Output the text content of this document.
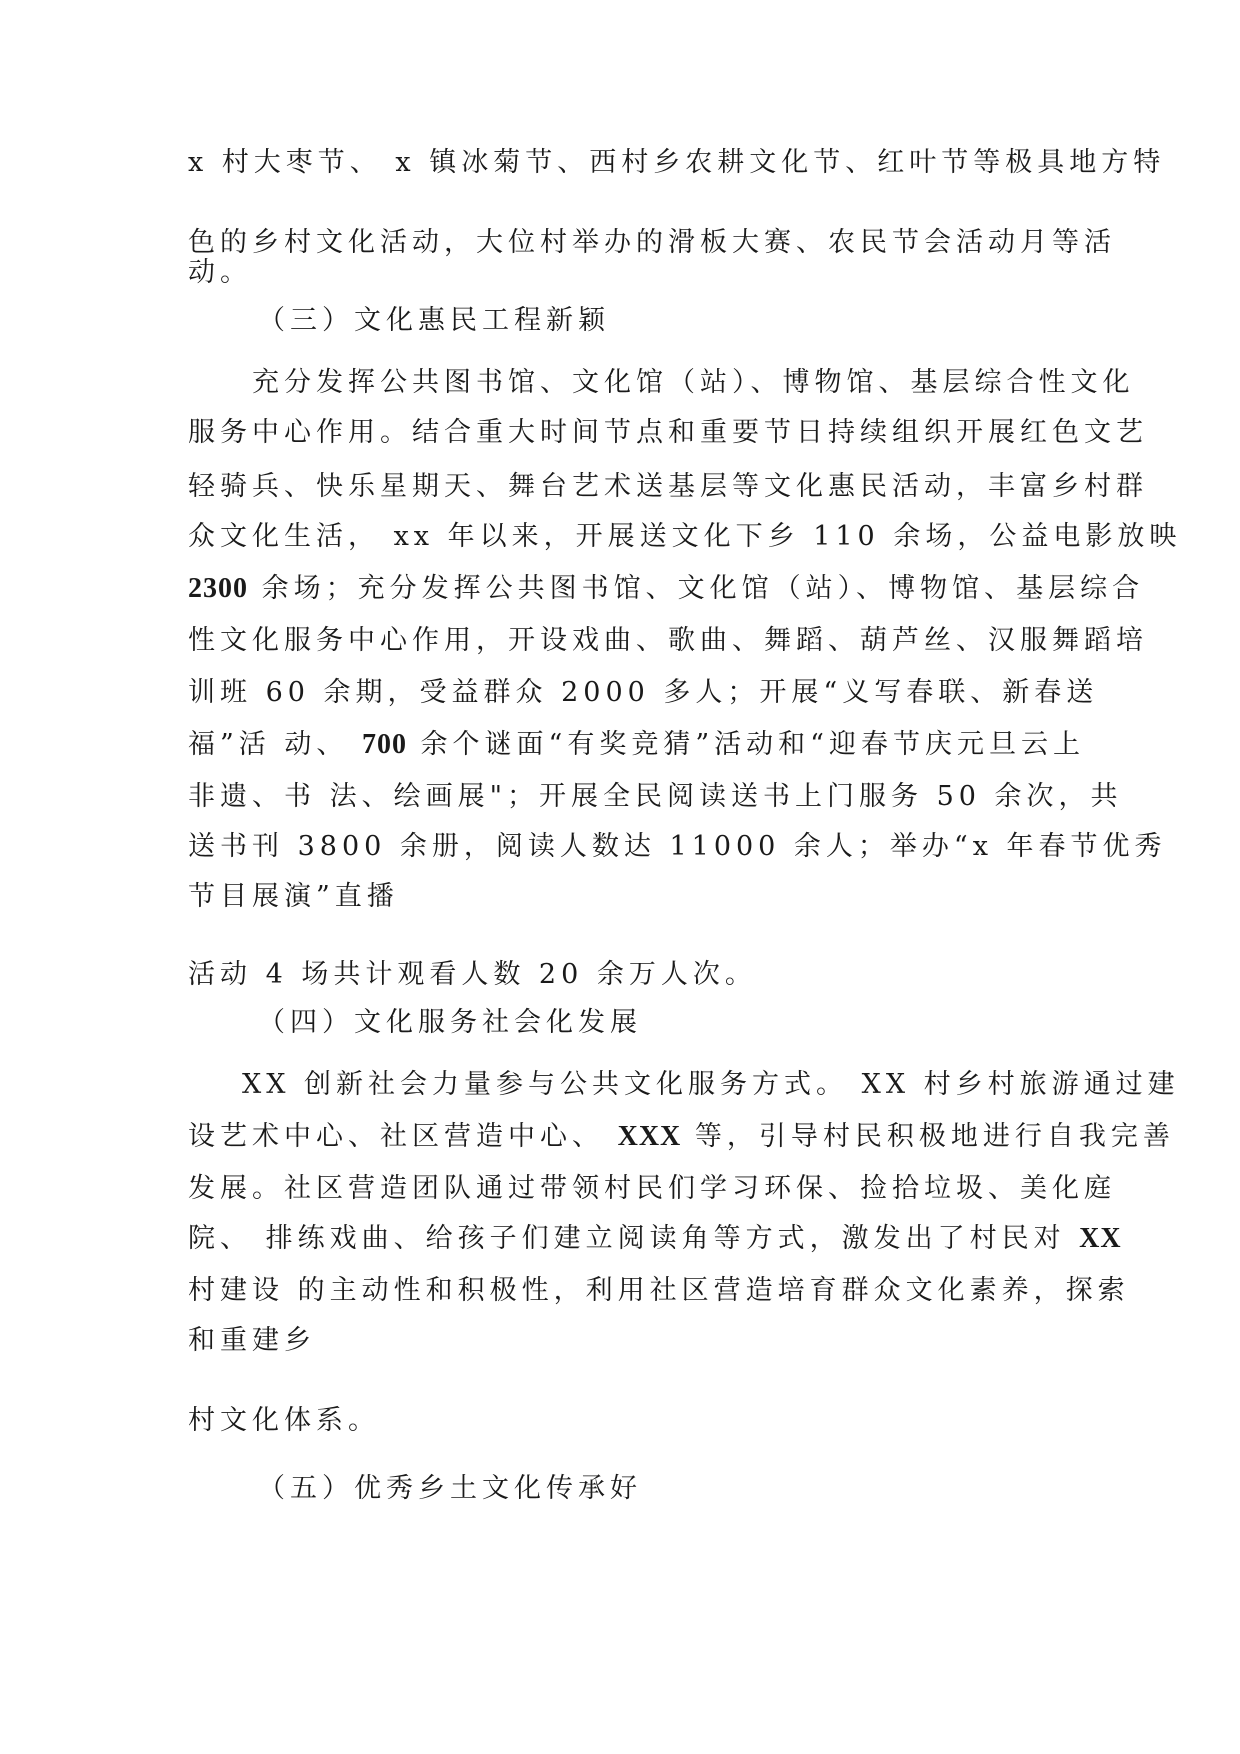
x 村大枣节、 x 镇冰菊节、西村乡农耕文化节、红叶节等极具地方特
色的乡村文化活动，大位村举办的滑板大赛、农民节会活动月等活
动。
（三）文化惠民工程新颖
充分发挥公共图书馆、文化馆（站）、博物馆、基层综合性文化
服务中心作用。结合重大时间节点和重要节日持续组织开展红色文艺
轻骑兵、快乐星期天、舞台艺术送基层等文化惠民活动，丰富乡村群
众文化生活， xx 年以来，开展送文化下乡 110 余场，公益电影放映
2300 余场；充分发挥公共图书馆、文化馆（站）、博物馆、基层综合
性文化服务中心作用，开设戏曲、歌曲、舞蹈、葫芦丝、汉服舞蹈培
训班 60 余期，受益群众 2000 多人；开展“义写春联、新春送
福”活 动、 700 余个谜面“有奖竞猜”活动和“迎春节庆元旦云上
非遗、书 法、绘画展"；开展全民阅读送书上门服务 50 余次，共
送书刊 3800 余册，阅读人数达 11000 余人；举办“x 年春节优秀
节目展演”直播
活动 4 场共计观看人数 20 余万人次。
（四）文化服务社会化发展
XX 创新社会力量参与公共文化服务方式。 XX 村乡村旅游通过建
设艺术中心、社区营造中心、 XXX 等，引导村民积极地进行自我完善
发展。社区营造团队通过带领村民们学习环保、捡拾垃圾、美化庭
院、 排练戏曲、给孩子们建立阅读角等方式，激发出了村民对 XX
村建设 的主动性和积极性，利用社区营造培育群众文化素养，探索
和重建乡
村文化体系。
（五）优秀乡土文化传承好
